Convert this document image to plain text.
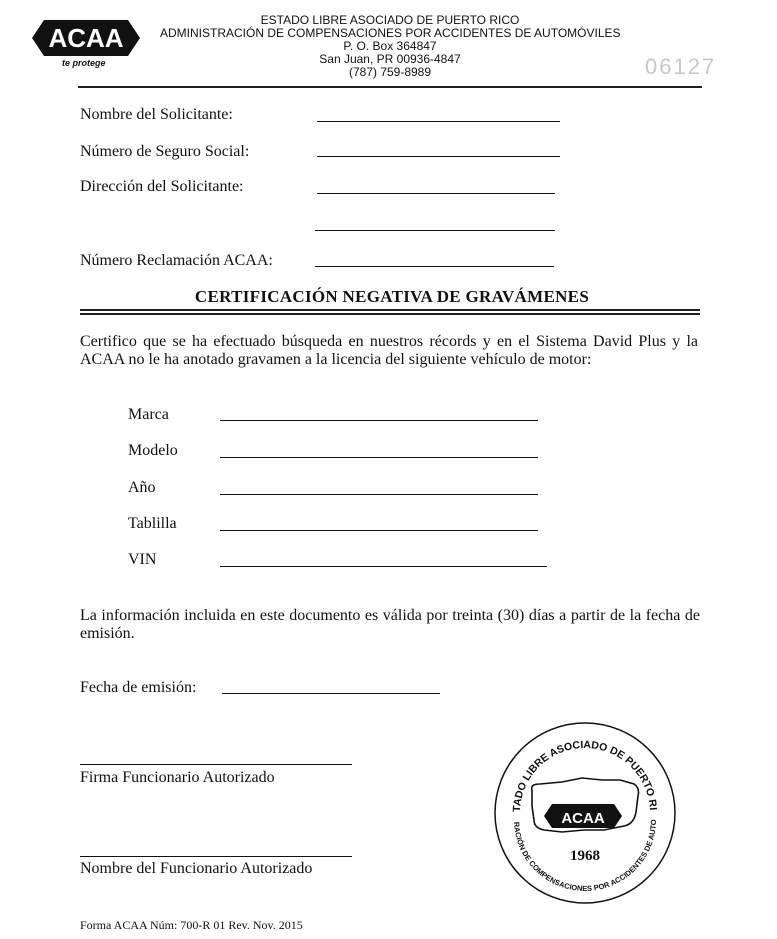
ACAA
te protege
ESTADO LIBRE ASOCIADO DE PUERTO RICO
ADMINISTRACIÓN DE COMPENSACIONES POR ACCIDENTES DE AUTOMÓVILES
P. O. Box 364847
San Juan, PR 00936-4847
(787) 759-8989	06127
Nombre del Solicitante:
Número de Seguro Social:
Dirección del Solicitante:
Número Reclamación ACAA:
CERTIFICACIÓN NEGATIVA DE GRAVÁMENES
Certifico que se ha efectuado búsqueda en nuestros récords y en el Sistema David Plus y la ACAA no le ha anotado gravamen a la licencia del siguiente vehículo de motor:
Marca
Modelo
Año
Tablilla
VIN
La información incluida en este documento es válida por treinta (30) días a partir de la fecha de emisión.
Fecha de emisión:
Firma Funcionario Autorizado
Nombre del Funcionario Autorizado
TADO LIBRE ASOCIADO DE PUERTO RI
RACIÓN DE COMPENSACIONES POR ACCIDENTES DE AUTO
ACAA
1968
Forma ACAA Núm: 700-R 01 Rev. Nov. 2015
